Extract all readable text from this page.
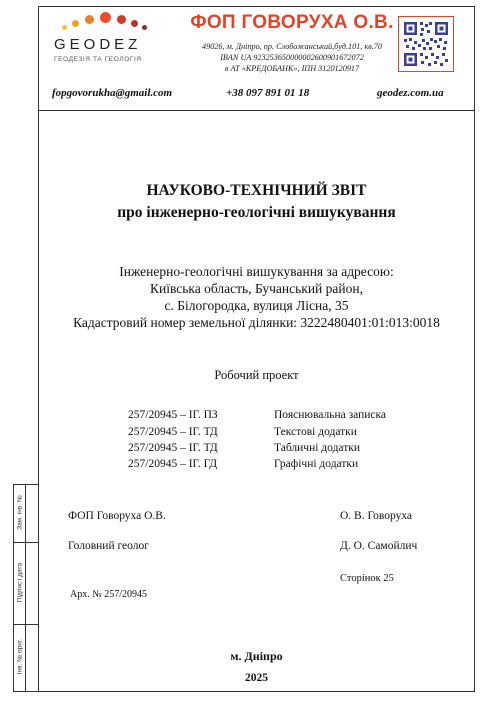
Зам. інв. №
Підпис і дата
Інв. № ориг.
GEODEZ
ГЕОДЕЗІЯ ТА ГЕОЛОГІЯ
ФОП ГОВОРУХА О.В.
49026, м. Дніпро, пр. Слобожанський,буд.101, кв.70
IBAN UA 923253650000002600901672072
в АТ «КРЕДОБАНК», ІПН 3120120917
fopgovorukha@gmail.com	+38 097 891 01 18	geodez.com.ua
НАУКОВО-ТЕХНІЧНИЙ ЗВІТ
про інженерно-геологічні вишукування
Інженерно-геологічні вишукування за адресою:
Київська область, Бучанський район,
с. Білогородка, вулиця Лісна, 35
Кадастровий номер земельної ділянки: 3222480401:01:013:0018
Робочий проект
257/20945 – ІГ. ПЗ	Пояснювальна записка
257/20945 – ІГ. ТД	Текстові додатки
257/20945 – ІГ. ТД	Табличні додатки
257/20945 – ІГ. ГД	Графічні додатки
ФОП Говоруха О.В.	О. В. Говоруха
Головний геолог	Д. О. Самойлич
Сторінок 25
Арх. № 257/20945
м. Дніпро
2025
